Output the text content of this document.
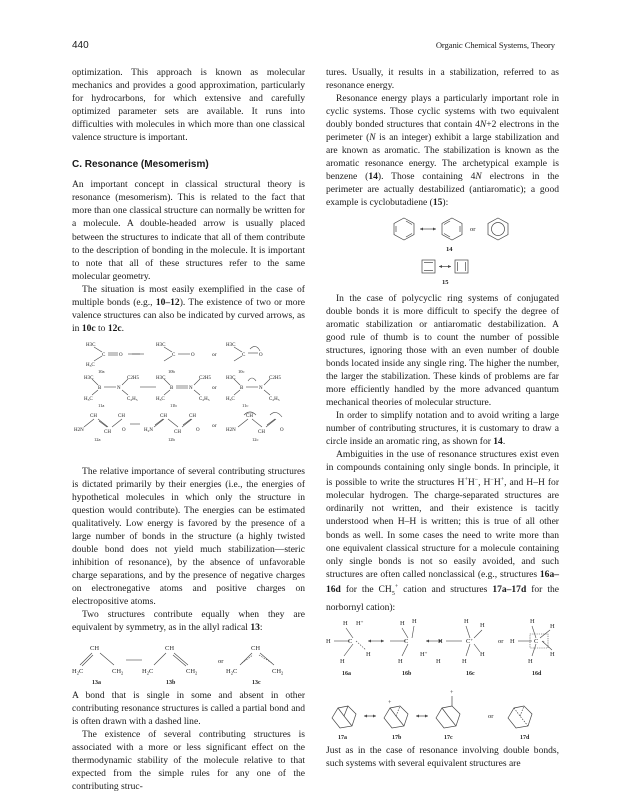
440	Organic Chemical Systems, Theory

optimization. This approach is known as molecular mechanics and provides a good approximation, particularly for hydrocarbons, for which extensive and carefully optimized parameter sets are available. It runs into difficulties with molecules in which more than one classical valence structure is important.

C. Resonance (Mesomerism)

An important concept in classical structural theory is resonance (mesomerism). This is related to the fact that more than one classical structure can normally be written for a molecule. A double-headed arrow is usually placed between the structures to indicate that all of them contribute to the description of bonding in the molecule. It is important to note that all of these structures refer to the same molecular geometry.

The situation is most easily exemplified in the case of multiple bonds (e.g., 10–12). The existence of two or more valence structures can also be indicated by curved arrows, as in 10c to 12c.

H3C
C	O
$H_3C$
H3C
C	O	or
H3C
C	O
10a	10b	10c
H3C
B	N
C2H5
$H_3C$	$C_2H_5$
H3C
B	N
C2H5
$H_3C$	$C_2H_5$
or
H3C
B	N
C2H5
$H_3C$	$C_2H_5$
11a	11b	11c
CH	CH
H2N	CH O	$H_2N$
CH
CH
CH
O
or
H2N
CH
CH	O
12a	12b	12c

The relative importance of several contributing structures is dictated primarily by their energies (i.e., the energies of hypothetical molecules in which only the structure in question would contribute). The energies can be estimated qualitatively. Low energy is favored by the presence of a large number of bonds in the structure (a highly twisted double bond does not yield much stabilization—steric inhibition of resonance), by the absence of unfavorable charge separations, and by the presence of negative charges on electronegative atoms and positive charges on electropositive atoms.

Two structures contribute equally when they are equivalent by symmetry, as in the allyl radical 13:

CH
$H_2C$	$CH_2$
CH
$H_2C$	$CH_2$
or
CH
$H_2C$	$CH_2$
13a	13b	13c

A bond that is single in some and absent in other contributing resonance structures is called a partial bond and is often drawn with a dashed line.

The existence of several contributing structures is associated with a more or less significant effect on the thermodynamic stability of the molecule relative to that expected from the simple rules for any one of the contributing struc-

tures. Usually, it results in a stabilization, referred to as resonance energy.

Resonance energy plays a particularly important role in cyclic systems. Those cyclic systems with two equivalent doubly bonded structures that contain 4N+2 electrons in the perimeter (N is an integer) exhibit a large stabilization and are known as aromatic. The stabilization is known as the aromatic resonance energy. The archetypical example is benzene (14). Those containing 4N electrons in the perimeter are actually destabilized (antiaromatic); a good example is cyclobutadiene (15):

or
14
15

In the case of polycyclic ring systems of conjugated double bonds it is more difficult to specify the degree of aromatic stabilization or antiaromatic destabilization. A good rule of thumb is to count the number of possible structures, ignoring those with an even number of double bonds located inside any single ring. The higher the number, the larger the stabilization. These kinds of problems are far more efficiently handled by the more advanced quantum mechanical theories of molecular structure.

In order to simplify notation and to avoid writing a large number of contributing structures, it is customary to draw a circle inside an aromatic ring, as shown for 14.

Ambiguities in the use of resonance structures exist even in compounds containing only single bonds. In principle, it is possible to write the structures H+H−, H−H+, and H–H for molecular hydrogen. The charge-separated structures are ordinarily not written, and their existence is tacitly understood when H–H is written; this is true of all other bonds as well. In some cases the need to write more than one equivalent classical structure for a molecule containing only single bonds is not so easily avoided, and such structures are often called nonclassical (e.g., structures 16a–16d for the $CH_5^+$ cation and structures 17a–17d for the norbornyl cation):

H
H H+
C
H
H
H H
C
H
H+
H
H
H
C+
H
H
H
or H
H
C +
H
H
H
16a	16b	16c	16d
+
+
or
17a	17b	17c	17d

Just as in the case of resonance involving double bonds, such systems with several equivalent structures are
